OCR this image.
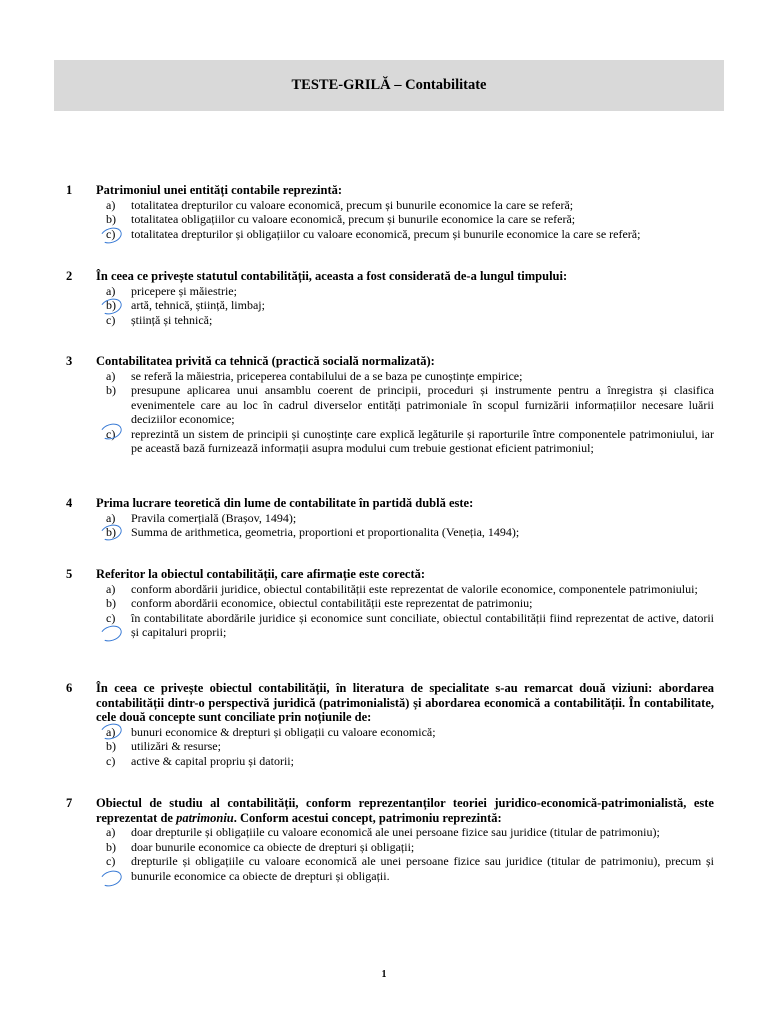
TESTE-GRILĂ – Contabilitate
1 Patrimoniul unei entități contabile reprezintă:
a)	totalitatea drepturilor cu valoare economică, precum și bunurile economice la care se referă;
b)	totalitatea obligațiilor cu valoare economică, precum și bunurile economice la care se referă;
c)	totalitatea drepturilor și obligațiilor cu valoare economică, precum și bunurile economice la care se referă;
2 În ceea ce privește statutul contabilității, aceasta a fost considerată de-a lungul timpului:
a)	pricepere și măiestrie;
b)	artă, tehnică, știință, limbaj;
c)	știință și tehnică;
3 Contabilitatea privită ca tehnică (practică socială normalizată):
a)	se referă la măiestria, priceperea contabilului de a se baza pe cunoștințe empirice;
b)	presupune aplicarea unui ansamblu coerent de principii, proceduri și instrumente pentru a înregistra și clasifica evenimentele care au loc în cadrul diverselor entități patrimoniale în scopul furnizării informațiilor necesare luării deciziilor economice;
c)	reprezintă un sistem de principii și cunoștințe care explică legăturile și raporturile între componentele patrimoniului, iar pe această bază furnizează informații asupra modului cum trebuie gestionat eficient patrimoniul;
4 Prima lucrare teoretică din lume de contabilitate în partidă dublă este:
a)	Pravila comerțială (Brașov, 1494);
b)	Summa de arithmetica, geometria, proportioni et proportionalita (Veneția, 1494);
5 Referitor la obiectul contabilității, care afirmație este corectă:
a)	conform abordării juridice, obiectul contabilității este reprezentat de valorile economice, componentele patrimoniului;
b)	conform abordării economice, obiectul contabilității este reprezentat de patrimoniu;
c)	în contabilitate abordările juridice și economice sunt conciliate, obiectul contabilității fiind reprezentat de active, datorii și capitaluri proprii;
6 În ceea ce privește obiectul contabilității, în literatura de specialitate s-au remarcat două viziuni: abordarea contabilității dintr-o perspectivă juridică (patrimonialistă) și abordarea economică a contabilității. În contabilitate, cele două concepte sunt conciliate prin noțiunile de:
a)	bunuri economice & drepturi și obligații cu valoare economică;
b)	utilizări & resurse;
c)	active & capital propriu și datorii;
7 Obiectul de studiu al contabilității, conform reprezentanților teoriei juridico-economică-patrimonialistă, este reprezentat de patrimoniu. Conform acestui concept, patrimoniu reprezintă:
a)	doar drepturile și obligațiile cu valoare economică ale unei persoane fizice sau juridice (titular de patrimoniu);
b)	doar bunurile economice ca obiecte de drepturi și obligații;
c)	drepturile și obligațiile cu valoare economică ale unei persoane fizice sau juridice (titular de patrimoniu), precum și bunurile economice ca obiecte de drepturi și obligații.
1
